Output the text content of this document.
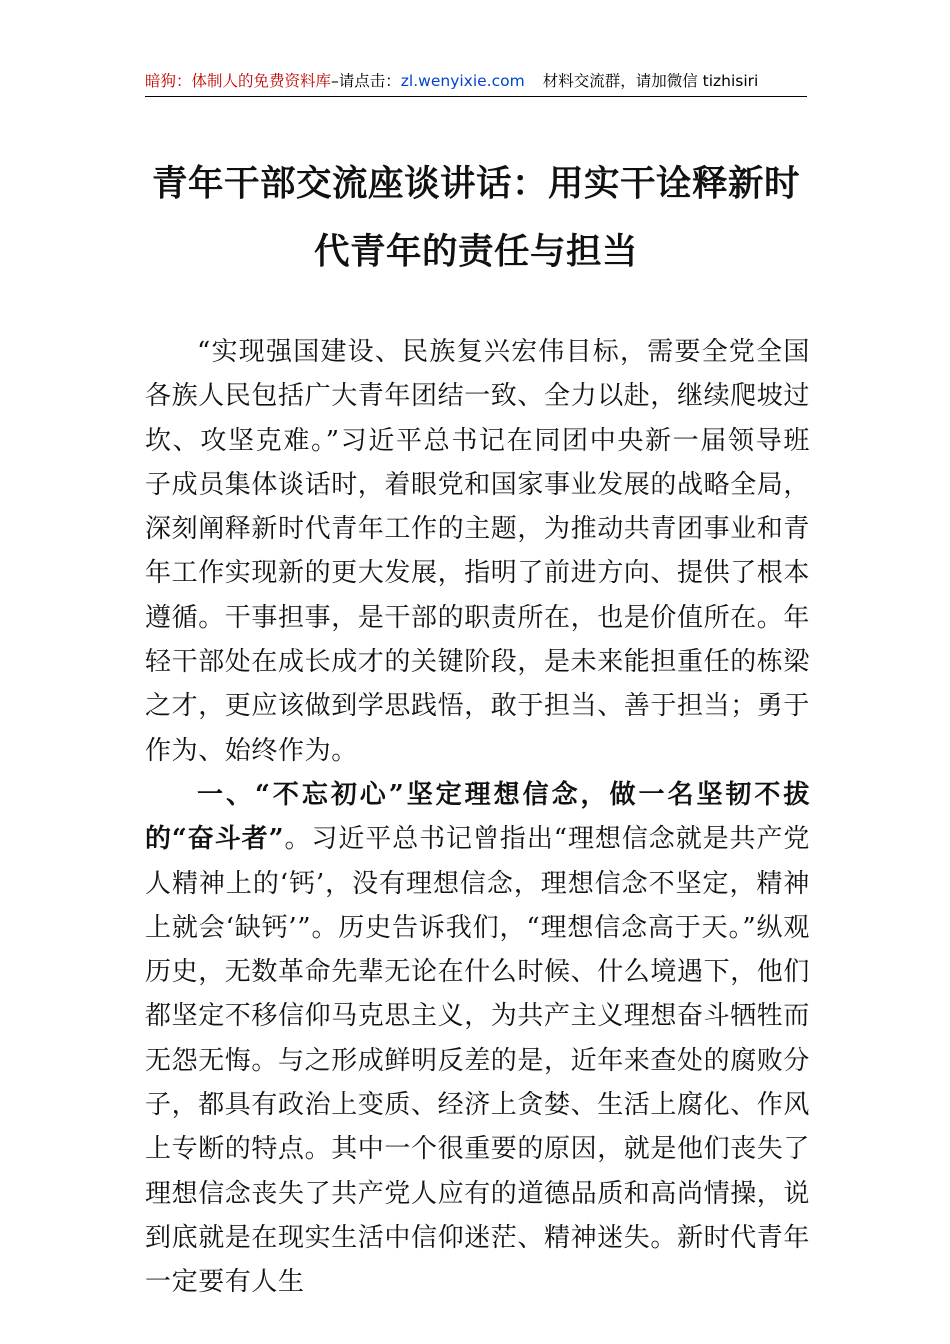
暗狗：体制人的免费资料库–请点击：zl.wenyixie.com 材料交流群，请加微信 tizhisiri
青年干部交流座谈讲话：用实干诠释新时
代青年的责任与担当

“实现强国建设、民族复兴宏伟目标，需要全党全国各族人民包括广大青年团结一致、全力以赴，继续爬坡过坎、攻坚克难。”习近平总书记在同团中央新一届领导班子成员集体谈话时，着眼党和国家事业发展的战略全局，深刻阐释新时代青年工作的主题，为推动共青团事业和青年工作实现新的更大发展，指明了前进方向、提供了根本遵循。干事担事，是干部的职责所在，也是价值所在。年轻干部处在成长成才的关键阶段，是未来能担重任的栋梁之才，更应该做到学思践悟，敢于担当、善于担当；勇于作为、始终作为。

一、“不忘初心”坚定理想信念，做一名坚韧不拔的“奋斗者”。习近平总书记曾指出“理想信念就是共产党人精神上的‘钙’，没有理想信念，理想信念不坚定，精神上就会‘缺钙’”。历史告诉我们，“理想信念高于天。”纵观历史，无数革命先辈无论在什么时候、什么境遇下，他们都坚定不移信仰马克思主义，为共产主义理想奋斗牺牲而无怨无悔。与之形成鲜明反差的是，近年来查处的腐败分子，都具有政治上变质、经济上贪婪、生活上腐化、作风上专断的特点。其中一个很重要的原因，就是他们丧失了理想信念丧失了共产党人应有的道德品质和高尚情操，说到底就是在现实生活中信仰迷茫、精神迷失。新时代青年一定要有人生
